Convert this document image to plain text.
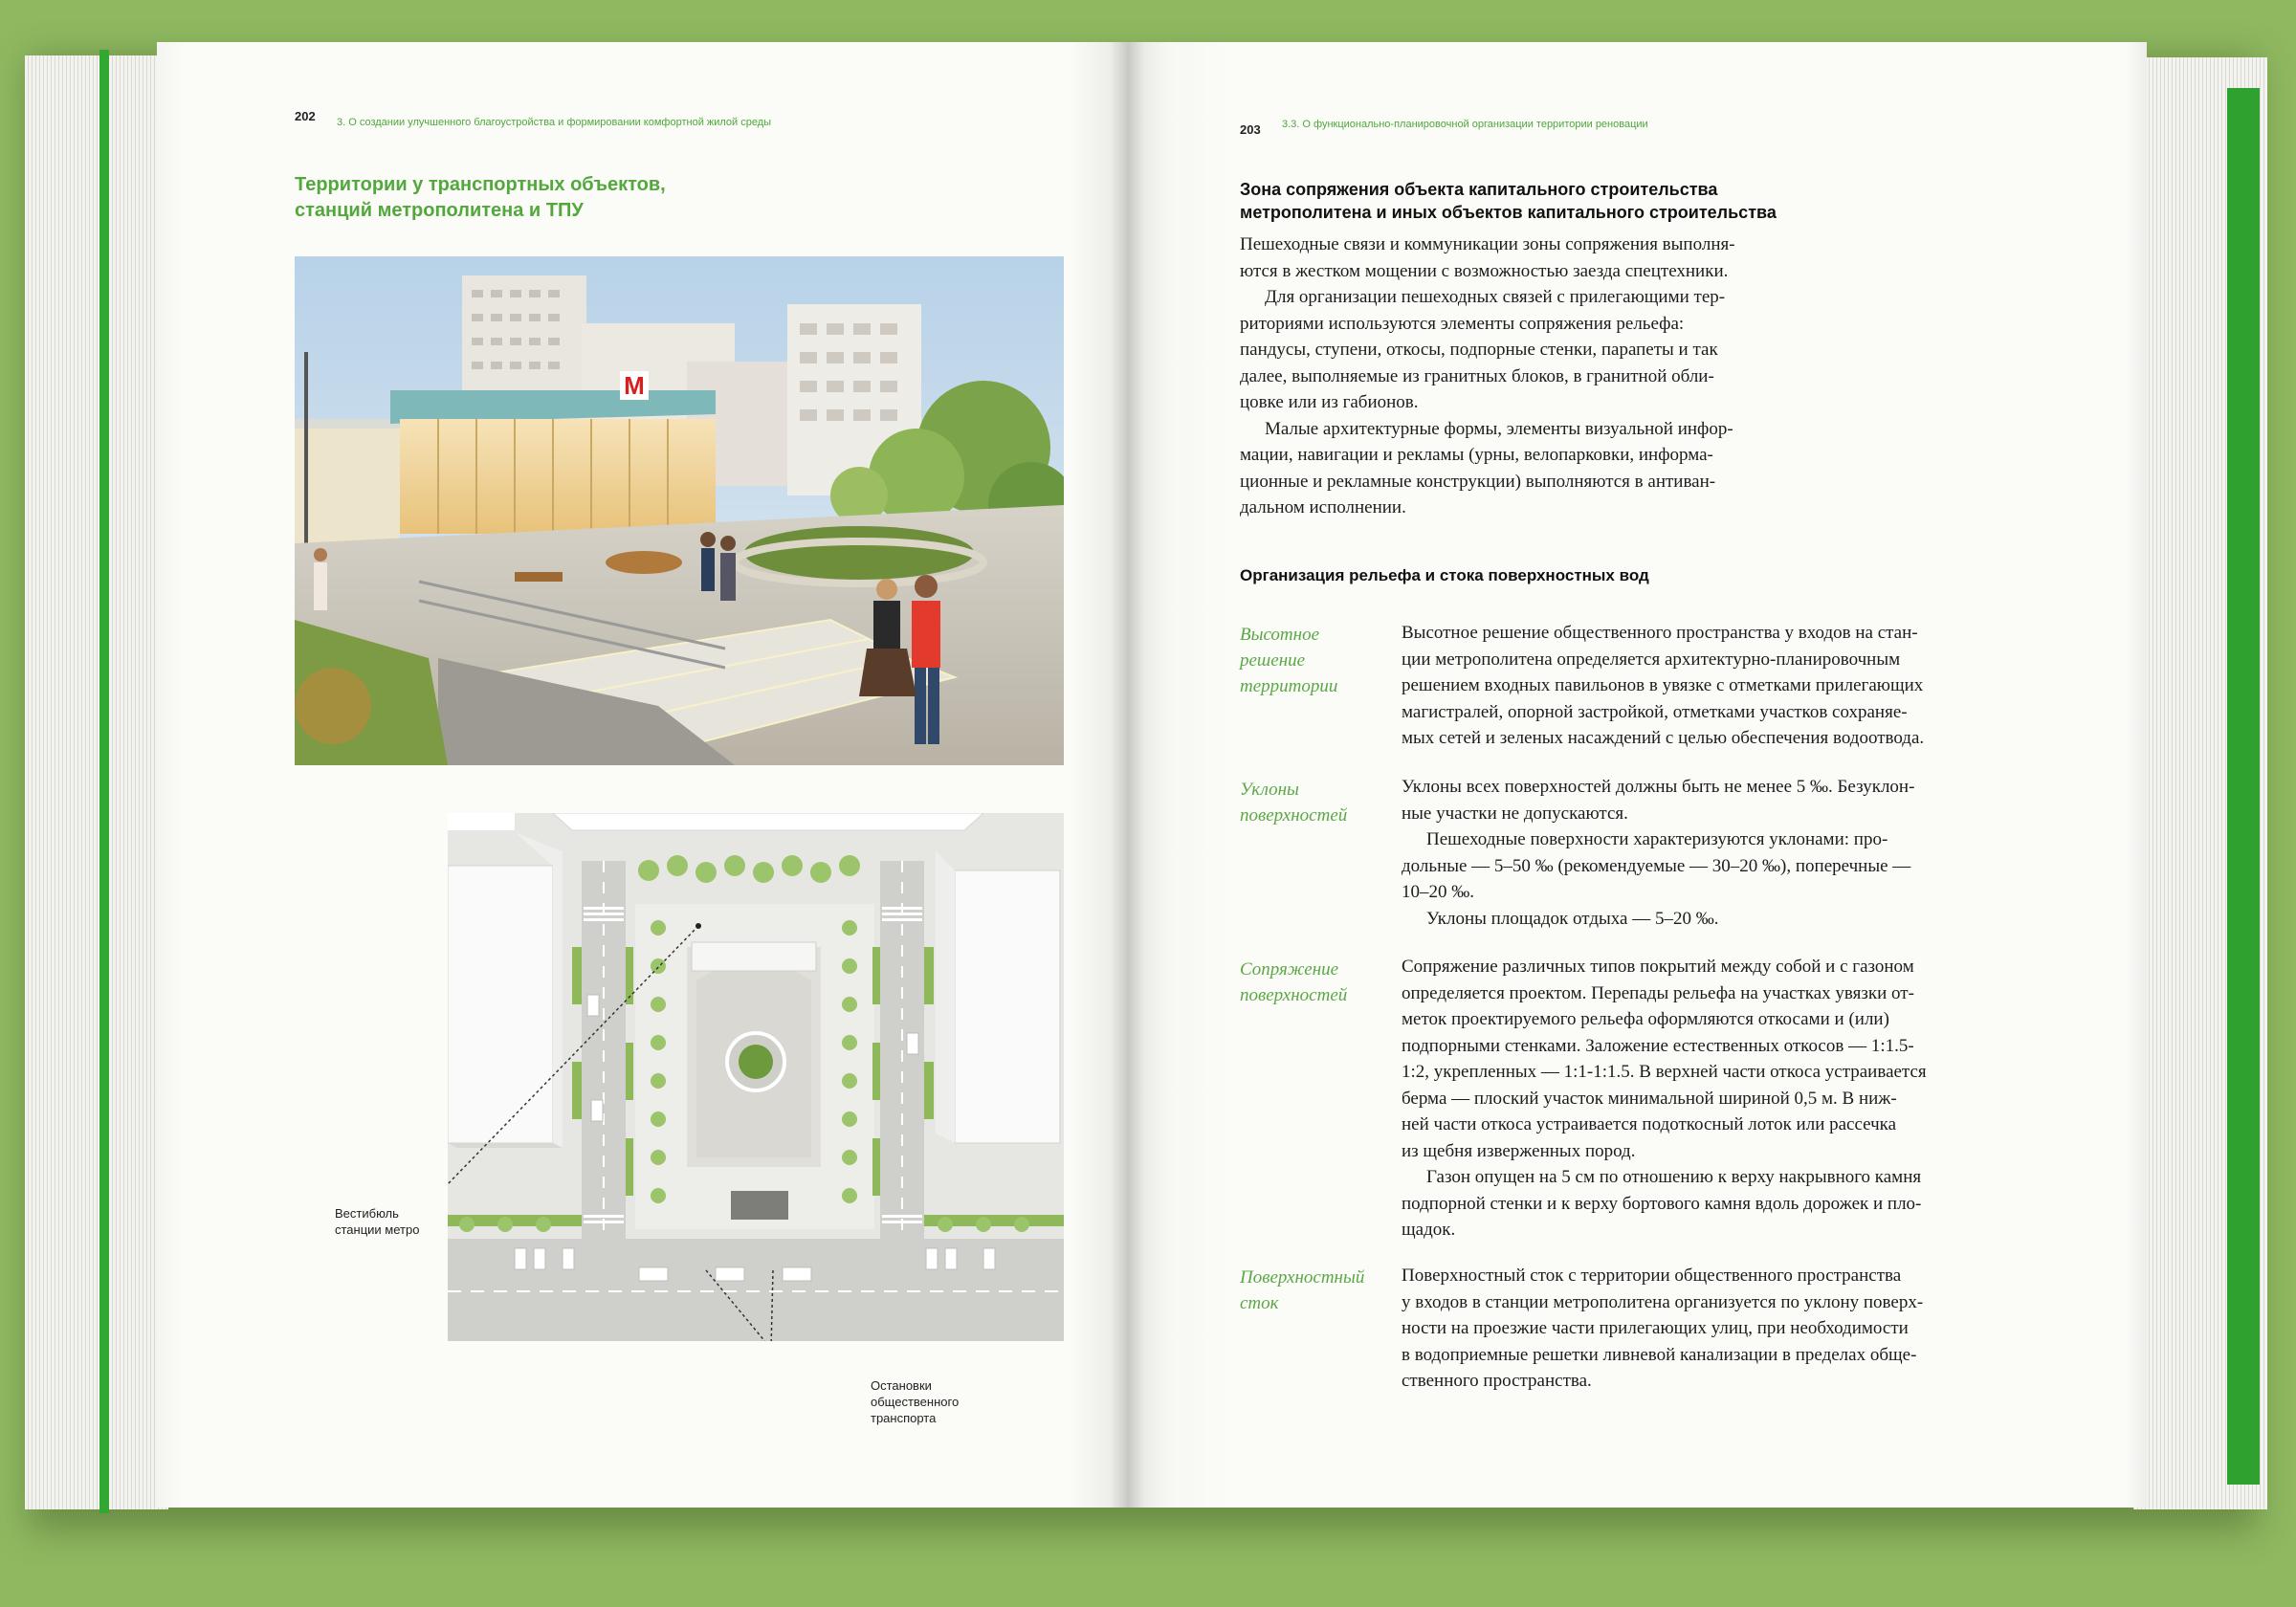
202 3. О создании улучшенного благоустройства и формировании комфортной жилой среды
Территории у транспортных объектов,
станций метрополитена и ТПУ
М
Вестибюль
станции метро
Остановки
общественного
транспорта
203 3.3. О функционально-планировочной организации территории реновации
Зона сопряжения объекта капитального строительства
метрополитена и иных объектов капитального строительства
Пешеходные связи и коммуникации зоны сопряжения выполня-
ются в жестком мощении с возможностью заезда спецтехники.
Для организации пешеходных связей с прилегающими тер-
риториями используются элементы сопряжения рельефа:
пандусы, ступени, откосы, подпорные стенки, парапеты и так
далее, выполняемые из гранитных блоков, в гранитной обли-
цовке или из габионов.
Малые архитектурные формы, элементы визуальной инфор-
мации, навигации и рекламы (урны, велопарковки, информа-
ционные и рекламные конструкции) выполняются в антиван-
дальном исполнении.
Организация рельефа и стока поверхностных вод
Высотное
решение
территории
Высотное решение общественного пространства у входов на стан-
ции метрополитена определяется архитектурно-планировочным
решением входных павильонов в увязке с отметками прилегающих
магистралей, опорной застройкой, отметками участков сохраняе-
мых сетей и зеленых насаждений с целью обеспечения водоотвода.
Уклоны
поверхностей
Уклоны всех поверхностей должны быть не менее 5 ‰. Безуклон-
ные участки не допускаются.
Пешеходные поверхности характеризуются уклонами: про-
дольные — 5–50 ‰ (рекомендуемые — 30–20 ‰), поперечные —
10–20 ‰.
Уклоны площадок отдыха — 5–20 ‰.
Сопряжение
поверхностей
Сопряжение различных типов покрытий между собой и с газоном
определяется проектом. Перепады рельефа на участках увязки от-
меток проектируемого рельефа оформляются откосами и (или)
подпорными стенками. Заложение естественных откосов — 1:1.5-
1:2, укрепленных — 1:1-1:1.5. В верхней части откоса устраивается
берма — плоский участок минимальной шириной 0,5 м. В ниж-
ней части откоса устраивается подоткосный лоток или рассечка
из щебня изверженных пород.
Газон опущен на 5 см по отношению к верху накрывного камня
подпорной стенки и к верху бортового камня вдоль дорожек и пло-
щадок.
Поверхностный
сток
Поверхностный сток с территории общественного пространства
у входов в станции метрополитена организуется по уклону поверх-
ности на проезжие части прилегающих улиц, при необходимости
в водоприемные решетки ливневой канализации в пределах обще-
ственного пространства.
